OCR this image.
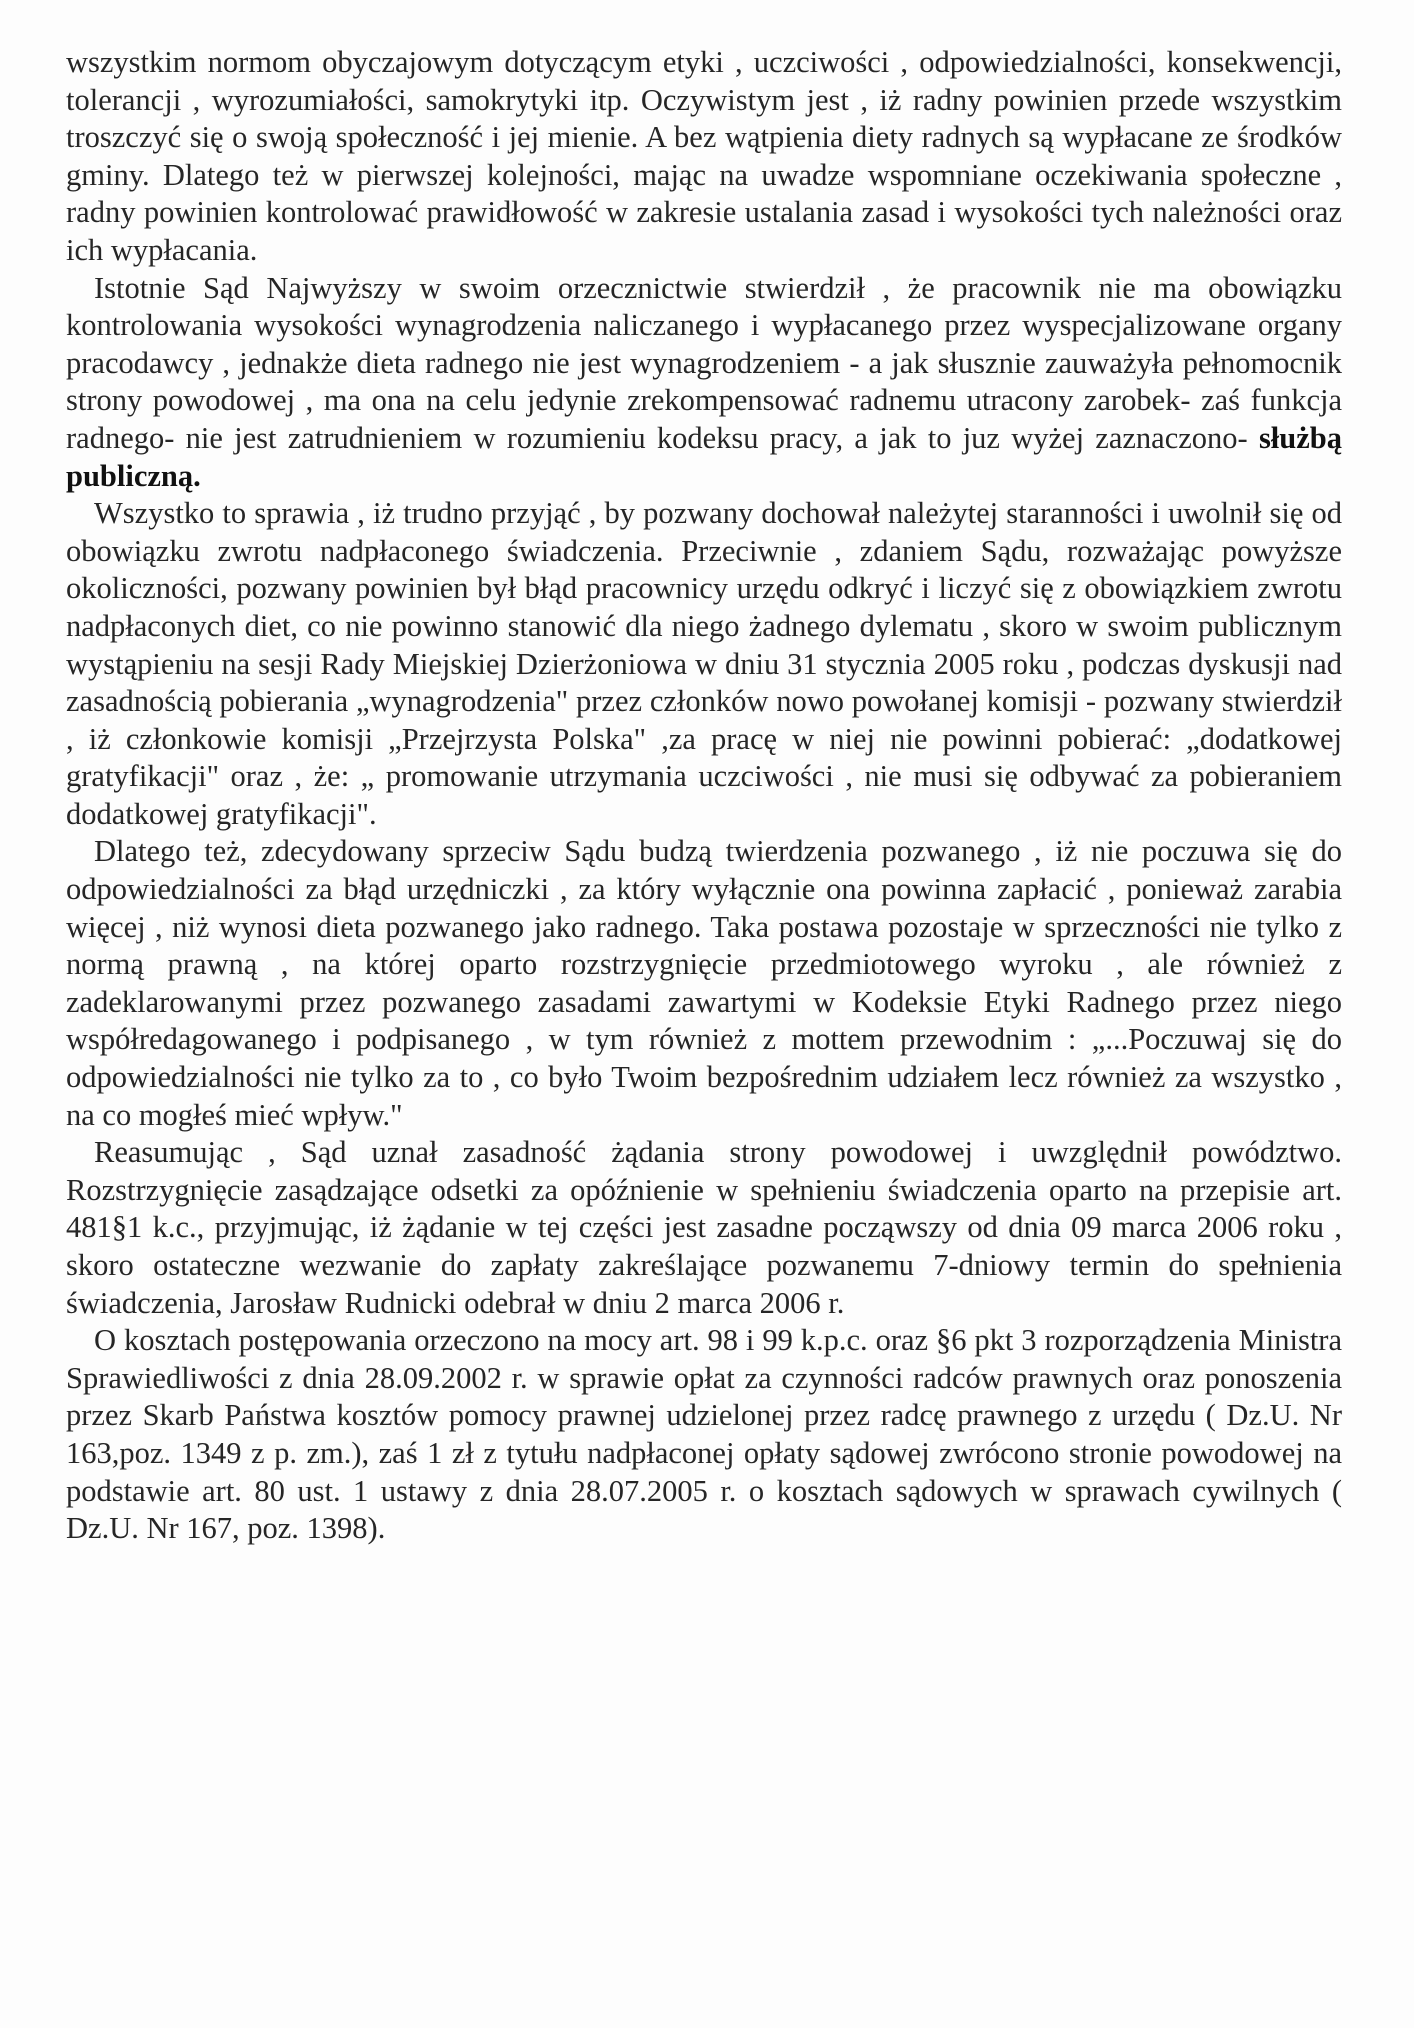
wszystkim normom obyczajowym dotyczącym etyki , uczciwości , odpowiedzialności, konsekwencji, tolerancji , wyrozumiałości, samokrytyki itp. Oczywistym jest , iż radny powinien przede wszystkim troszczyć się o swoją społeczność i jej mienie. A bez wątpienia diety radnych są wypłacane ze środków gminy. Dlatego też w pierwszej kolejności, mając na uwadze wspomniane oczekiwania społeczne , radny powinien kontrolować prawidłowość w zakresie ustalania zasad i wysokości tych należności oraz ich wypłacania.

Istotnie Sąd Najwyższy w swoim orzecznictwie stwierdził , że pracownik nie ma obowiązku kontrolowania wysokości wynagrodzenia naliczanego i wypłacanego przez wyspecjalizowane organy pracodawcy , jednakże dieta radnego nie jest wynagrodzeniem - a jak słusznie zauważyła pełnomocnik strony powodowej , ma ona na celu jedynie zrekompensować radnemu utracony zarobek- zaś funkcja radnego- nie jest zatrudnieniem w rozumieniu kodeksu pracy, a jak to juz wyżej zaznaczono- służbą publiczną.

Wszystko to sprawia , iż trudno przyjąć , by pozwany dochował należytej staranności i uwolnił się od obowiązku zwrotu nadpłaconego świadczenia. Przeciwnie , zdaniem Sądu, rozważając powyższe okoliczności, pozwany powinien był błąd pracownicy urzędu odkryć i liczyć się z obowiązkiem zwrotu nadpłaconych diet, co nie powinno stanowić dla niego żadnego dylematu , skoro w swoim publicznym wystąpieniu na sesji Rady Miejskiej Dzierżoniowa w dniu 31 stycznia 2005 roku , podczas dyskusji nad zasadnością pobierania „wynagrodzenia" przez członków nowo powołanej komisji - pozwany stwierdził , iż członkowie komisji „Przejrzysta Polska" ,za pracę w niej nie powinni pobierać: „dodatkowej gratyfikacji" oraz , że: „ promowanie utrzymania uczciwości , nie musi się odbywać za pobieraniem dodatkowej gratyfikacji".

Dlatego też, zdecydowany sprzeciw Sądu budzą twierdzenia pozwanego , iż nie poczuwa się do odpowiedzialności za błąd urzędniczki , za który wyłącznie ona powinna zapłacić , ponieważ zarabia więcej , niż wynosi dieta pozwanego jako radnego. Taka postawa pozostaje w sprzeczności nie tylko z normą prawną , na której oparto rozstrzygnięcie przedmiotowego wyroku , ale również z zadeklarowanymi przez pozwanego zasadami zawartymi w Kodeksie Etyki Radnego przez niego współredagowanego i podpisanego , w tym również z mottem przewodnim : „...Poczuwaj się do odpowiedzialności nie tylko za to , co było Twoim bezpośrednim udziałem lecz również za wszystko , na co mogłeś mieć wpływ."

Reasumując , Sąd uznał zasadność żądania strony powodowej i uwzględnił powództwo. Rozstrzygnięcie zasądzające odsetki za opóźnienie w spełnieniu świadczenia oparto na przepisie art. 481§1 k.c., przyjmując, iż żądanie w tej części jest zasadne począwszy od dnia 09 marca 2006 roku , skoro ostateczne wezwanie do zapłaty zakreślające pozwanemu 7-dniowy termin do spełnienia świadczenia, Jarosław Rudnicki odebrał w dniu 2 marca 2006 r.

O kosztach postępowania orzeczono na mocy art. 98 i 99 k.p.c. oraz §6 pkt 3 rozporządzenia Ministra Sprawiedliwości z dnia 28.09.2002 r. w sprawie opłat za czynności radców prawnych oraz ponoszenia przez Skarb Państwa kosztów pomocy prawnej udzielonej przez radcę prawnego z urzędu ( Dz.U. Nr 163,poz. 1349 z p. zm.), zaś 1 zł z tytułu nadpłaconej opłaty sądowej zwrócono stronie powodowej na podstawie art. 80 ust. 1 ustawy z dnia 28.07.2005 r. o kosztach sądowych w sprawach cywilnych ( Dz.U. Nr 167, poz. 1398).
